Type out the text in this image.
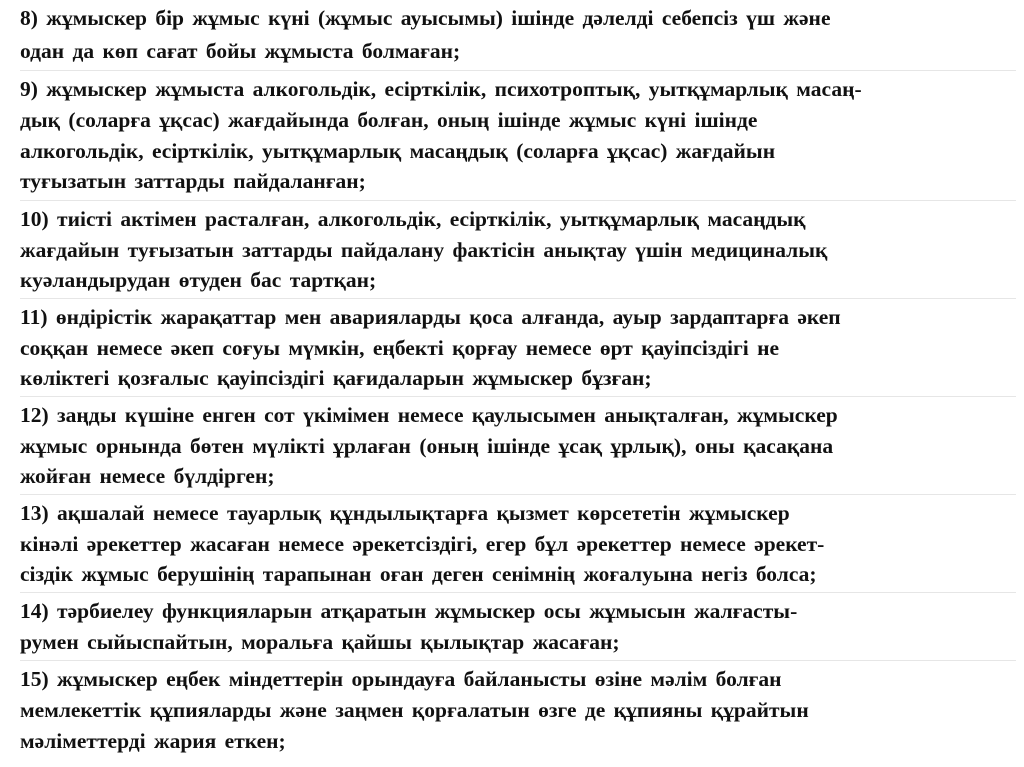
8) жұмыскер бір жұмыс күні (жұмыс ауысымы) ішінде дәлелді себепсіз үш және
одан да көп сағат бойы жұмыста болмаған;
9) жұмыскер жұмыста алкогольдік, есірткілік, психотроптық, уытқұмарлық масаң-
дық (соларға ұқсас) жағдайында болған, оның ішінде жұмыс күні ішінде
алкогольдік, есірткілік, уытқұмарлық масаңдық (соларға ұқсас) жағдайын
туғызатын заттарды пайдаланған;
10) тиісті актімен расталған, алкогольдік, есірткілік, уытқұмарлық масаңдық
жағдайын туғызатын заттарды пайдалану фактісін анықтау үшін медициналық
куәландырудан өтуден бас тартқан;
11) өндірістік жарақаттар мен аварияларды қоса алғанда, ауыр зардаптарға әкеп
соққан немесе әкеп соғуы мүмкін, еңбекті қорғау немесе өрт қауіпсіздігі не
көліктегі қозғалыс қауіпсіздігі қағидаларын жұмыскер бұзған;
12) заңды күшіне енген сот үкімімен немесе қаулысымен анықталған, жұмыскер
жұмыс орнында бөтен мүлікті ұрлаған (оның ішінде ұсақ ұрлық), оны қасақана
жойған немесе бүлдірген;
13) ақшалай немесе тауарлық құндылықтарға қызмет көрсететін жұмыскер
кінәлі әрекеттер жасаған немесе әрекетсіздігі, егер бұл әрекеттер немесе әрекет-
сіздік жұмыс берушінің тарапынан оған деген сенімнің жоғалуына негіз болса;
14) тәрбиелеу функцияларын атқаратын жұмыскер осы жұмысын жалғасты-
румен сыйыспайтын, моральға қайшы қылықтар жасаған;
15) жұмыскер еңбек міндеттерін орындауға байланысты өзіне мәлім болған
мемлекеттік құпияларды және заңмен қорғалатын өзге де құпияны құрайтын
мәліметтерді жария еткен;
